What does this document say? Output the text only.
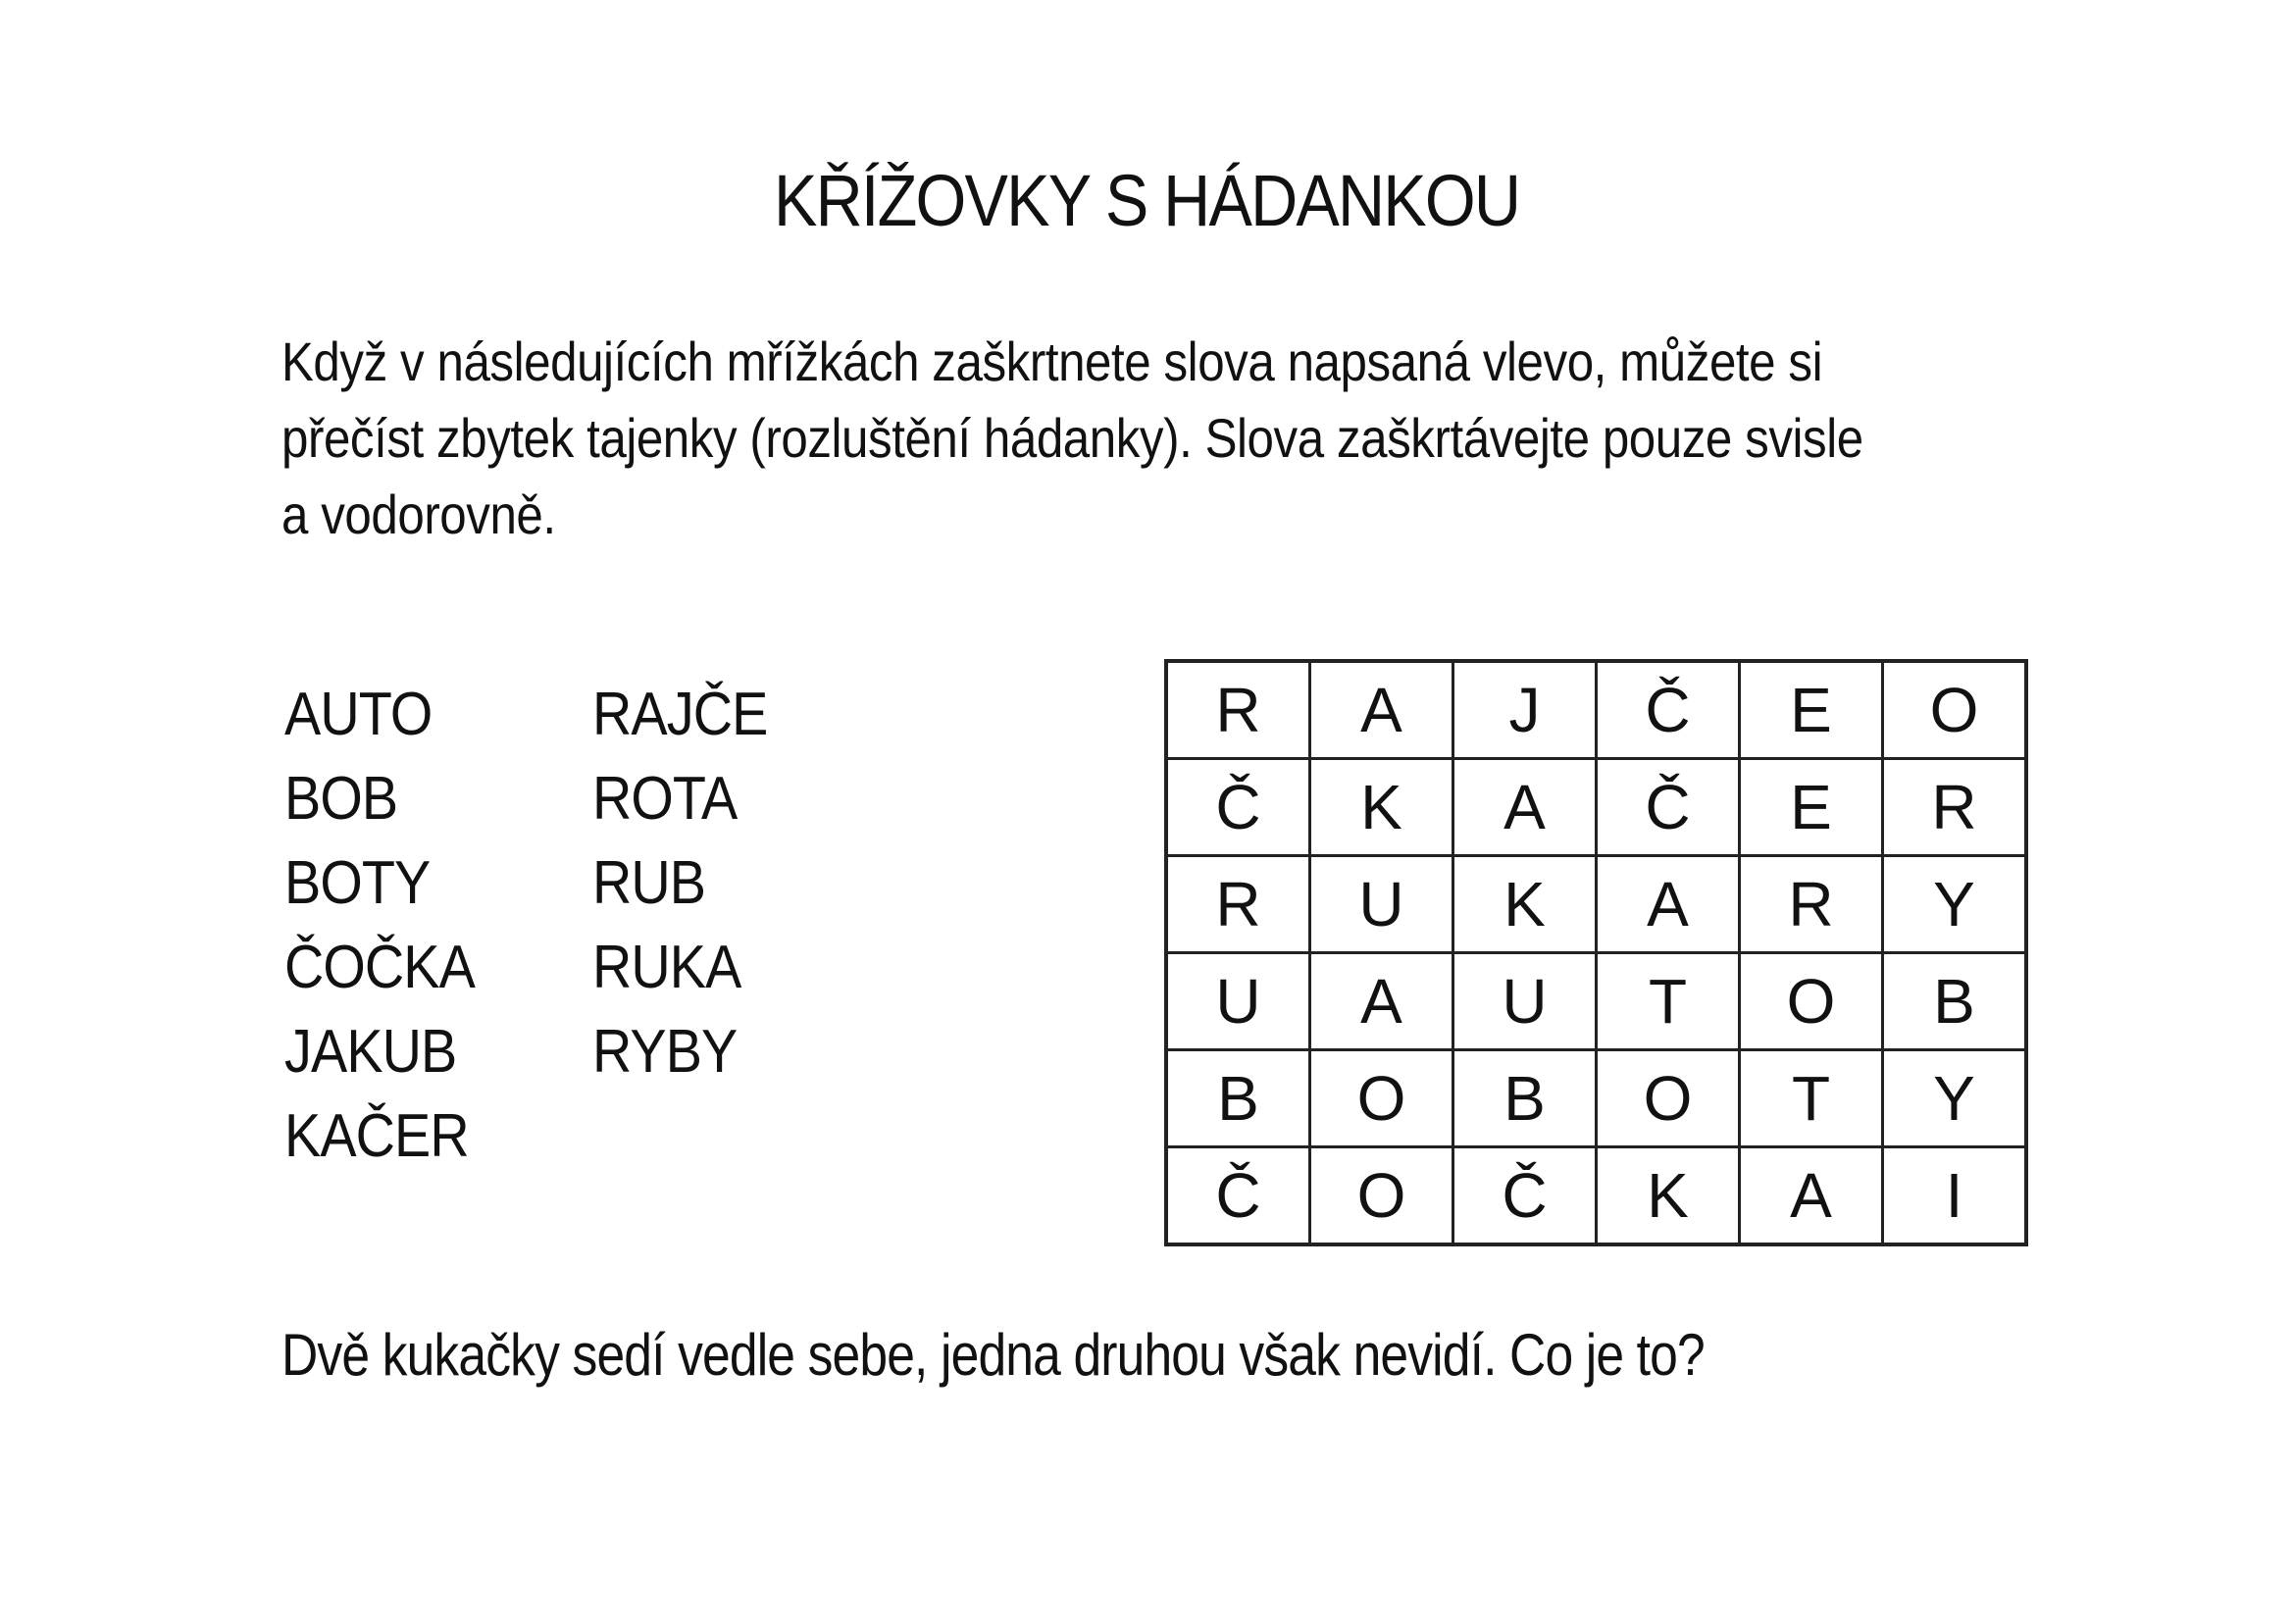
KŘÍŽOVKY S HÁDANKOU
Když v následujících mřížkách zaškrtnete slova napsaná vlevo, můžete si
přečíst zbytek tajenky (rozluštění hádanky). Slova zaškrtávejte pouze svisle
a vodorovně.
AUTO
BOB
BOTY
ČOČKA
JAKUB
KAČER
RAJČE
ROTA
RUB
RUKA
RYBY
R	A	J	Č	E	O
Č	K	A	Č	E	R
R	U	K	A	R	Y
U	A	U	T	O	B
B	O	B	O	T	Y
Č	O	Č	K	A	I
Dvě kukačky sedí vedle sebe, jedna druhou však nevidí. Co je to?
